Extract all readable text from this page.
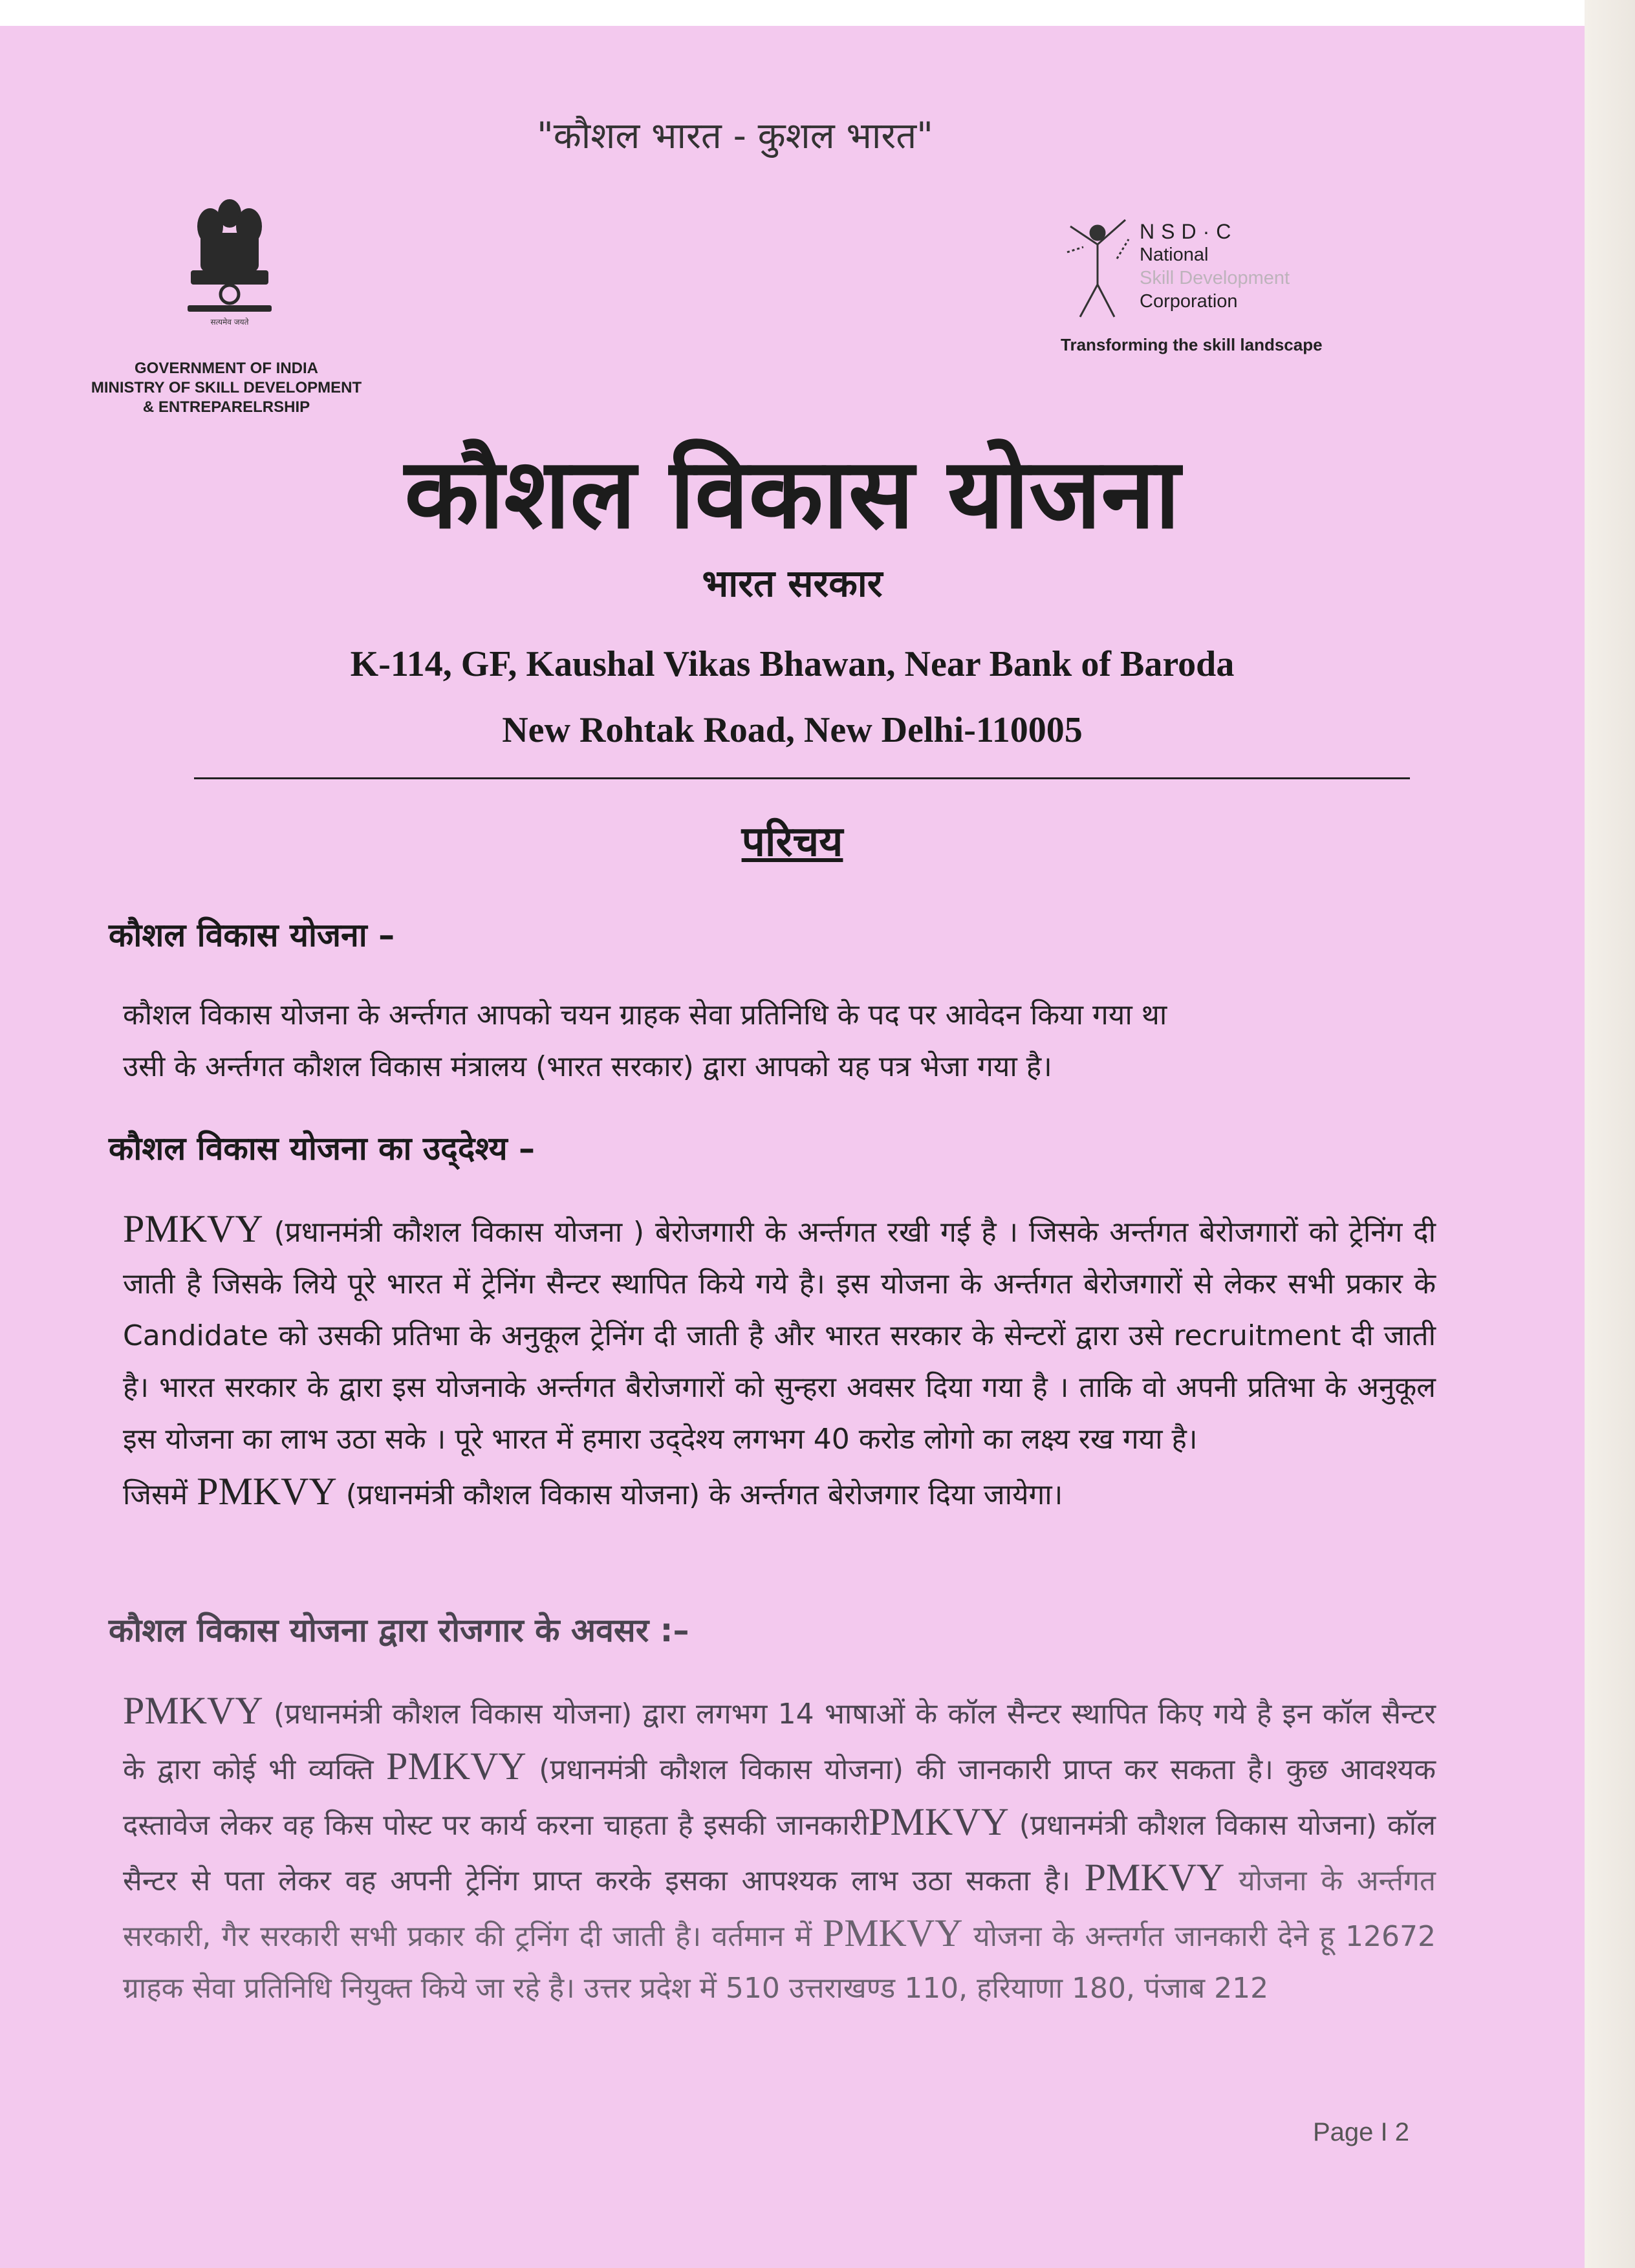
"कौशल भारत - कुशल भारत"
सत्यमेव जयते
GOVERNMENT OF INDIA
MINISTRY OF SKILL DEVELOPMENT
& ENTREPARELRSHIP
NSD·C
National
Skill Development
Corporation
Transforming the skill landscape
कौशल विकास योजना
भारत सरकार
K-114, GF, Kaushal Vikas Bhawan, Near Bank of Baroda
New Rohtak Road, New Delhi-110005
परिचय
कौशल विकास योजना –
कौशल विकास योजना के अर्न्तगत आपको चयन ग्राहक सेवा प्रतिनिधि के पद पर आवेदन किया गया था
उसी के अर्न्तगत कौशल विकास मंत्रालय (भारत सरकार) द्वारा आपको यह पत्र भेजा गया है।
कौशल विकास योजना का उद्‌देश्य –
PMKVY (प्रधानमंत्री कौशल विकास योजना ) बेरोजगारी के अर्न्तगत रखी गई है । जिसके अर्न्तगत बेरोजगारों को ट्रेनिंग दी जाती है जिसके लिये पूरे भारत में ट्रेनिंग सैन्टर स्थापित किये गये है। इस योजना के अर्न्तगत बेरोजगारों से लेकर सभी प्रकार के Candidate को उसकी प्रतिभा के अनुकूल ट्रेनिंग दी जाती है और भारत सरकार के सेन्टरों द्वारा उसे recruitment दी जाती है। भारत सरकार के द्वारा इस योजनाके अर्न्तगत बैरोजगारों को सुन्हरा अवसर दिया गया है । ताकि वो अपनी प्रतिभा के अनुकूल इस योजना का लाभ उठा सके । पूरे भारत में हमारा उद्‌देश्य लगभग 40 करोड लोगो का लक्ष्य रख गया है।
जिसमें PMKVY (प्रधानमंत्री कौशल विकास योजना) के अर्न्तगत बेरोजगार दिया जायेगा।
कौशल विकास योजना द्वारा रोजगार के अवसर :–
PMKVY (प्रधानमंत्री कौशल विकास योजना) द्वारा लगभग 14 भाषाओं के कॉल सैन्टर स्थापित किए गये है इन कॉल सैन्टर के द्वारा कोई भी व्यक्ति PMKVY (प्रधानमंत्री कौशल विकास योजना) की जानकारी प्राप्त कर सकता है। कुछ आवश्यक दस्तावेज लेकर वह किस पोस्ट पर कार्य करना चाहता है इसकी जानकारीPMKVY (प्रधानमंत्री कौशल विकास योजना) कॉल सैन्टर से पता लेकर वह अपनी ट्रेनिंग प्राप्त करके इसका आपश्यक लाभ उठा सकता है। PMKVY योजना के अर्न्तगत सरकारी, गैर सरकारी सभी प्रकार की ट्रनिंग दी जाती है। वर्तमान में PMKVY योजना के अन्तर्गत जानकारी देने हू 12672 ग्राहक सेवा प्रतिनिधि नियुक्त किये जा रहे है। उत्तर प्रदेश में 510 उत्तराखण्ड 110, हरियाणा 180, पंजाब 212
Page I 2
